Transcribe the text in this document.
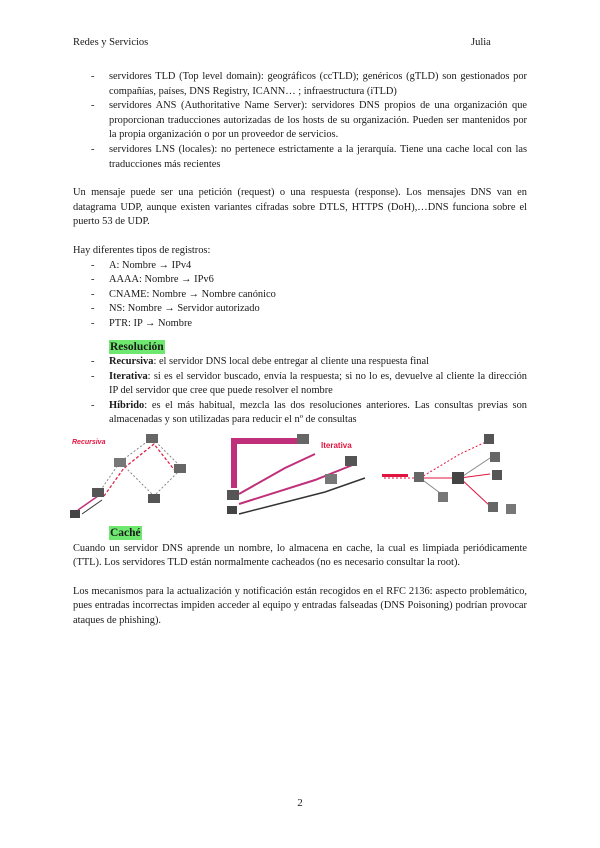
Redes y Servicios	Julia
- servidores TLD (Top level domain): geográficos (ccTLD); genéricos (gTLD) son gestionados por compañías, países, DNS Registry, ICANN… ; infraestructura (iTLD)
- servidores ANS (Authoritative Name Server): servidores DNS propios de una organización que proporcionan traducciones autorizadas de los hosts de su organización. Pueden ser mantenidos por la propia organización o por un proveedor de servicios.
- servidores LNS (locales): no pertenece estrictamente a la jerarquía. Tiene una cache local con las traducciones más recientes

Un mensaje puede ser una petición (request) o una respuesta (response). Los mensajes DNS van en datagrama UDP, aunque existen variantes cifradas sobre DTLS, HTTPS (DoH),…DNS funciona sobre el puerto 53 de UDP.

Hay diferentes tipos de registros:

- A: Nombre → IPv4
- AAAA: Nombre → IPv6
- CNAME: Nombre → Nombre canónico
- NS: Nombre → Servidor autorizado
- PTR: IP → Nombre
Resolución
- Recursiva: el servidor DNS local debe entregar al cliente una respuesta final
- Iterativa: si es el servidor buscado, envía la respuesta; si no lo es, devuelve al cliente la dirección IP del servidor que cree que puede resolver el nombre
- Híbrido: es el más habitual, mezcla las dos resoluciones anteriores. Las consultas previas son almacenadas y son utilizadas para reducir el nº de consultas
Recursiva	Iterativa
Caché

Cuando un servidor DNS aprende un nombre, lo almacena en cache, la cual es limpiada periódicamente (TTL). Los servidores TLD están normalmente cacheados (no es necesario consultar la root).

Los mecanismos para la actualización y notificación están recogidos en el RFC 2136: aspecto problemático, pues entradas incorrectas impiden acceder al equipo y entradas falseadas (DNS Poisoning) podrían provocar ataques de phishing).

2
